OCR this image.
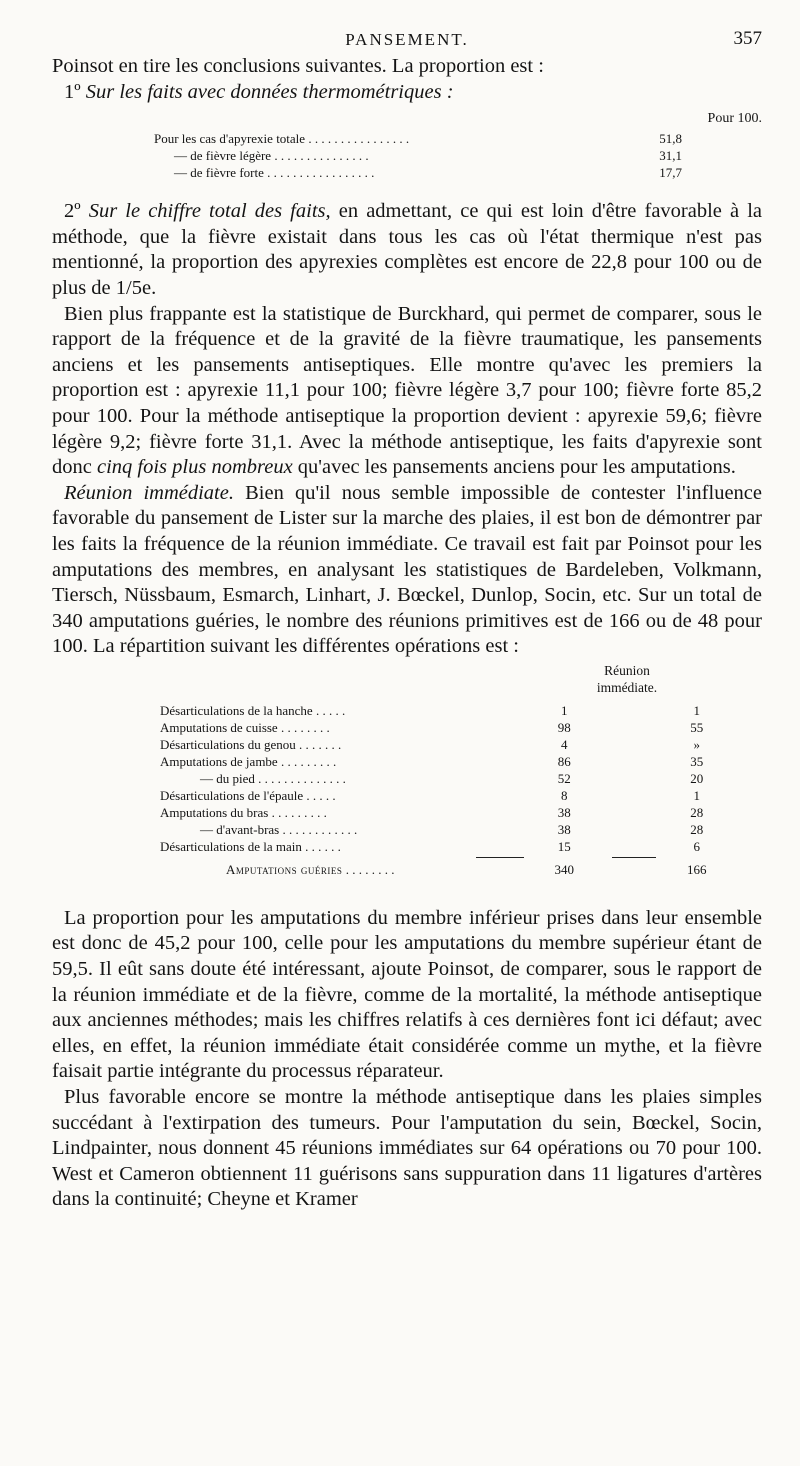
PANSEMENT.	357

Poinsot en tire les conclusions suivantes. La proportion est :

1º Sur les faits avec données thermométriques :

Pour 100.
Pour les cas d'apyrexie totale . . . . . . . . . . . . . . . .	51,8
— de fièvre légère . . . . . . . . . . . . . . .	31,1
— de fièvre forte . . . . . . . . . . . . . . . . .	17,7

2º Sur le chiffre total des faits, en admettant, ce qui est loin d'être favorable à la méthode, que la fièvre existait dans tous les cas où l'état thermique n'est pas mentionné, la proportion des apyrexies complètes est encore de 22,8 pour 100 ou de plus de 1/5e.

Bien plus frappante est la statistique de Burckhard, qui permet de comparer, sous le rapport de la fréquence et de la gravité de la fièvre traumatique, les pansements anciens et les pansements antiseptiques. Elle montre qu'avec les premiers la proportion est : apyrexie 11,1 pour 100; fièvre légère 3,7 pour 100; fièvre forte 85,2 pour 100. Pour la méthode antiseptique la proportion devient : apyrexie 59,6; fièvre légère 9,2; fièvre forte 31,1. Avec la méthode antiseptique, les faits d'apyrexie sont donc cinq fois plus nombreux qu'avec les pansements anciens pour les amputations.

Réunion immédiate. Bien qu'il nous semble impossible de contester l'influence favorable du pansement de Lister sur la marche des plaies, il est bon de démontrer par les faits la fréquence de la réunion immédiate. Ce travail est fait par Poinsot pour les amputations des membres, en analysant les statistiques de Bardeleben, Volkmann, Tiersch, Nüssbaum, Esmarch, Linhart, J. Bœckel, Dunlop, Socin, etc. Sur un total de 340 amputations guéries, le nombre des réunions primitives est de 166 ou de 48 pour 100. La répartition suivant les différentes opérations est :

Réunion immédiate.
Désarticulations de la hanche . . . . .	1	1
Amputations de cuisse . . . . . . . .	98	55
Désarticulations du genou . . . . . . .	4	»
Amputations de jambe . . . . . . . . .	86	35
— du pied . . . . . . . . . . . . . .	52	20
Désarticulations de l'épaule . . . . .	8	1
Amputations du bras . . . . . . . . .	38	28
— d'avant-bras . . . . . . . . . . . .	38	28
Désarticulations de la main . . . . . .	15	6
Amputations guéries . . . . . . . .	340	166

La proportion pour les amputations du membre inférieur prises dans leur ensemble est donc de 45,2 pour 100, celle pour les amputations du membre supérieur étant de 59,5. Il eût sans doute été intéressant, ajoute Poinsot, de comparer, sous le rapport de la réunion immédiate et de la fièvre, comme de la mortalité, la méthode antiseptique aux anciennes méthodes; mais les chiffres relatifs à ces dernières font ici défaut; avec elles, en effet, la réunion immédiate était considérée comme un mythe, et la fièvre faisait partie intégrante du processus réparateur.

Plus favorable encore se montre la méthode antiseptique dans les plaies simples succédant à l'extirpation des tumeurs. Pour l'amputation du sein, Bœckel, Socin, Lindpainter, nous donnent 45 réunions immédiates sur 64 opérations ou 70 pour 100. West et Cameron obtiennent 11 guérisons sans suppuration dans 11 ligatures d'artères dans la continuité; Cheyne et Kramer
